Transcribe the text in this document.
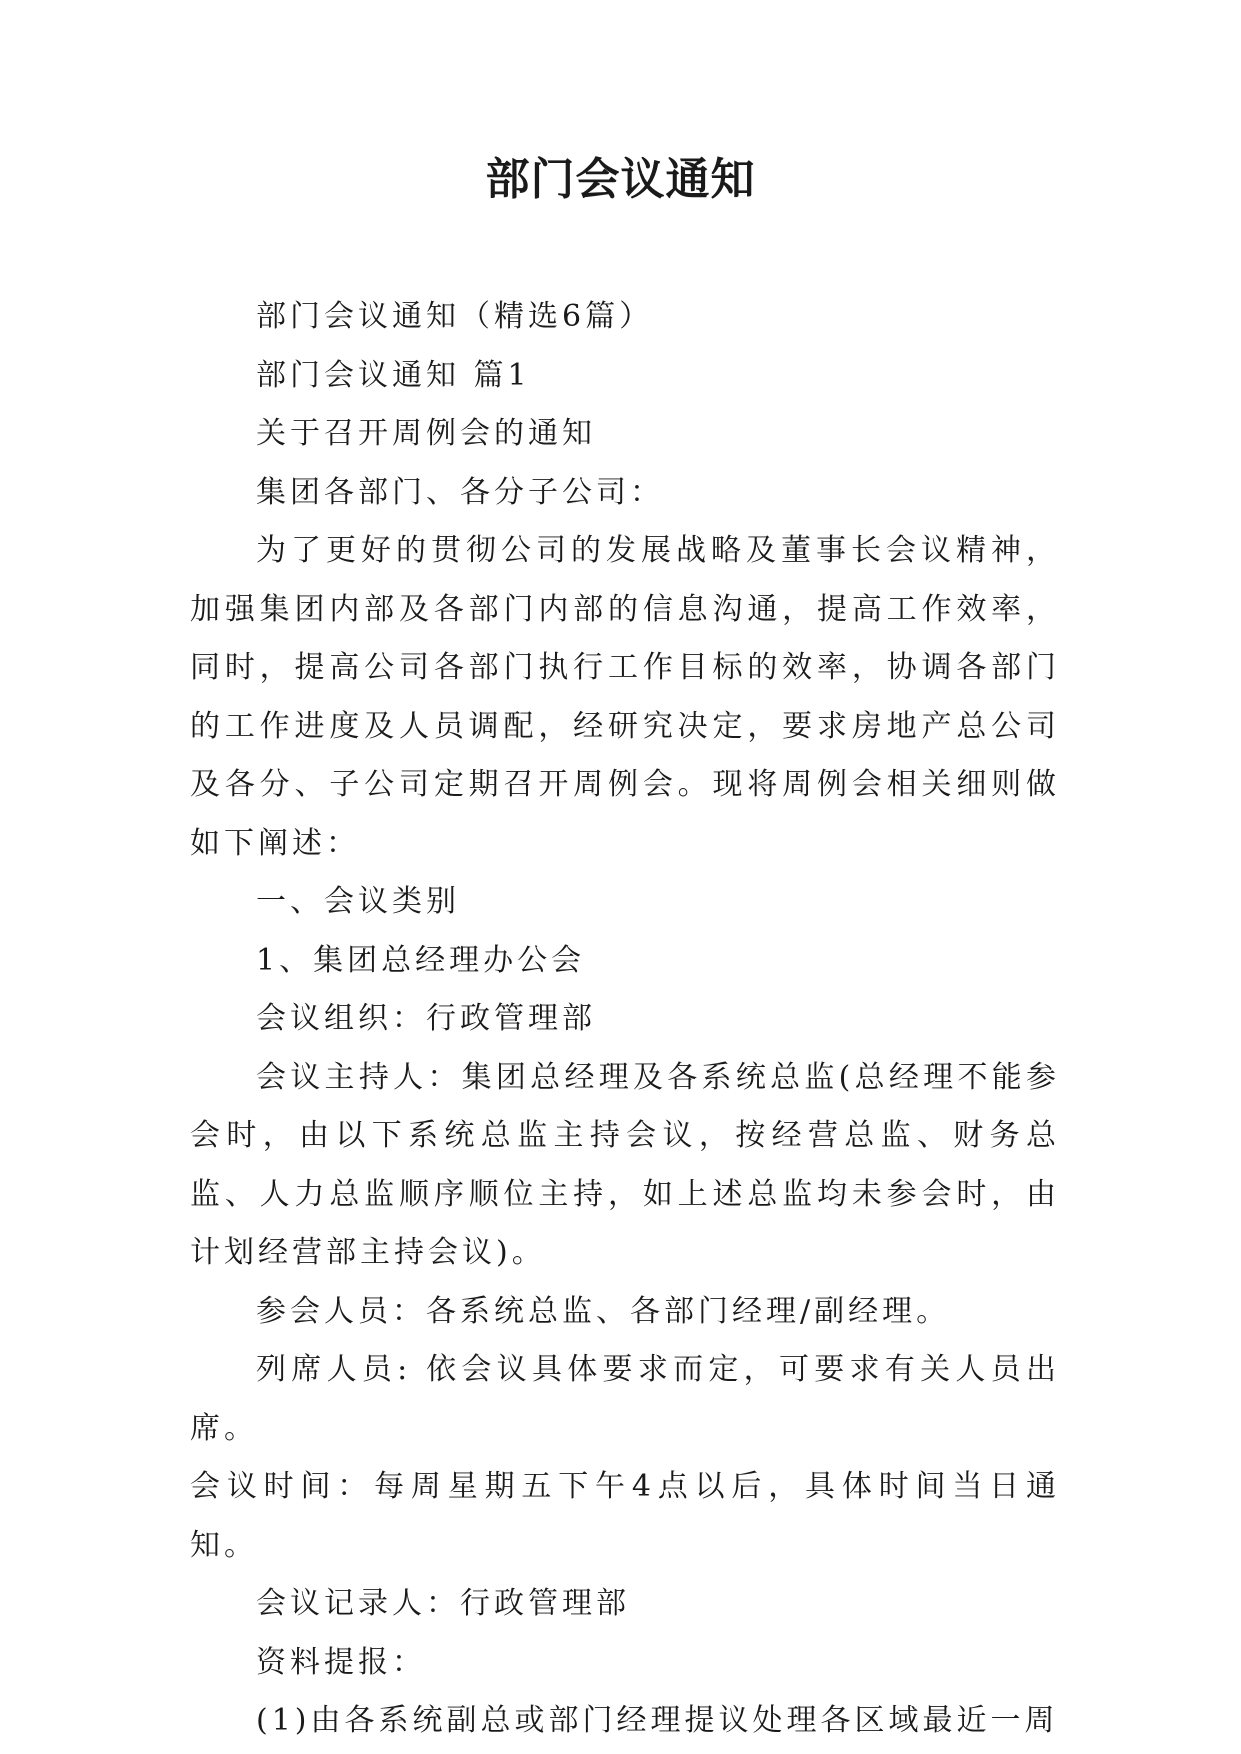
部门会议通知

部门会议通知（精选6篇）

部门会议通知 篇1

关于召开周例会的通知

集团各部门、各分子公司：

为了更好的贯彻公司的发展战略及董事长会议精神，加强集团内部及各部门内部的信息沟通，提高工作效率，同时，提高公司各部门执行工作目标的效率，协调各部门的工作进度及人员调配，经研究决定，要求房地产总公司及各分、子公司定期召开周例会。现将周例会相关细则做如下阐述：

一、会议类别

1、集团总经理办公会

会议组织：行政管理部

会议主持人：集团总经理及各系统总监(总经理不能参会时，由以下系统总监主持会议，按经营总监、财务总监、人力总监顺序顺位主持，如上述总监均未参会时，由计划经营部主持会议)。

参会人员：各系统总监、各部门经理/副经理。

列席人员: 依会议具体要求而定，可要求有关人员出席。

会议时间：每周星期五下午4点以后，具体时间当日通知。

会议记录人：行政管理部

资料提报：

(1)由各系统副总或部门经理提议处理各区域最近一周
